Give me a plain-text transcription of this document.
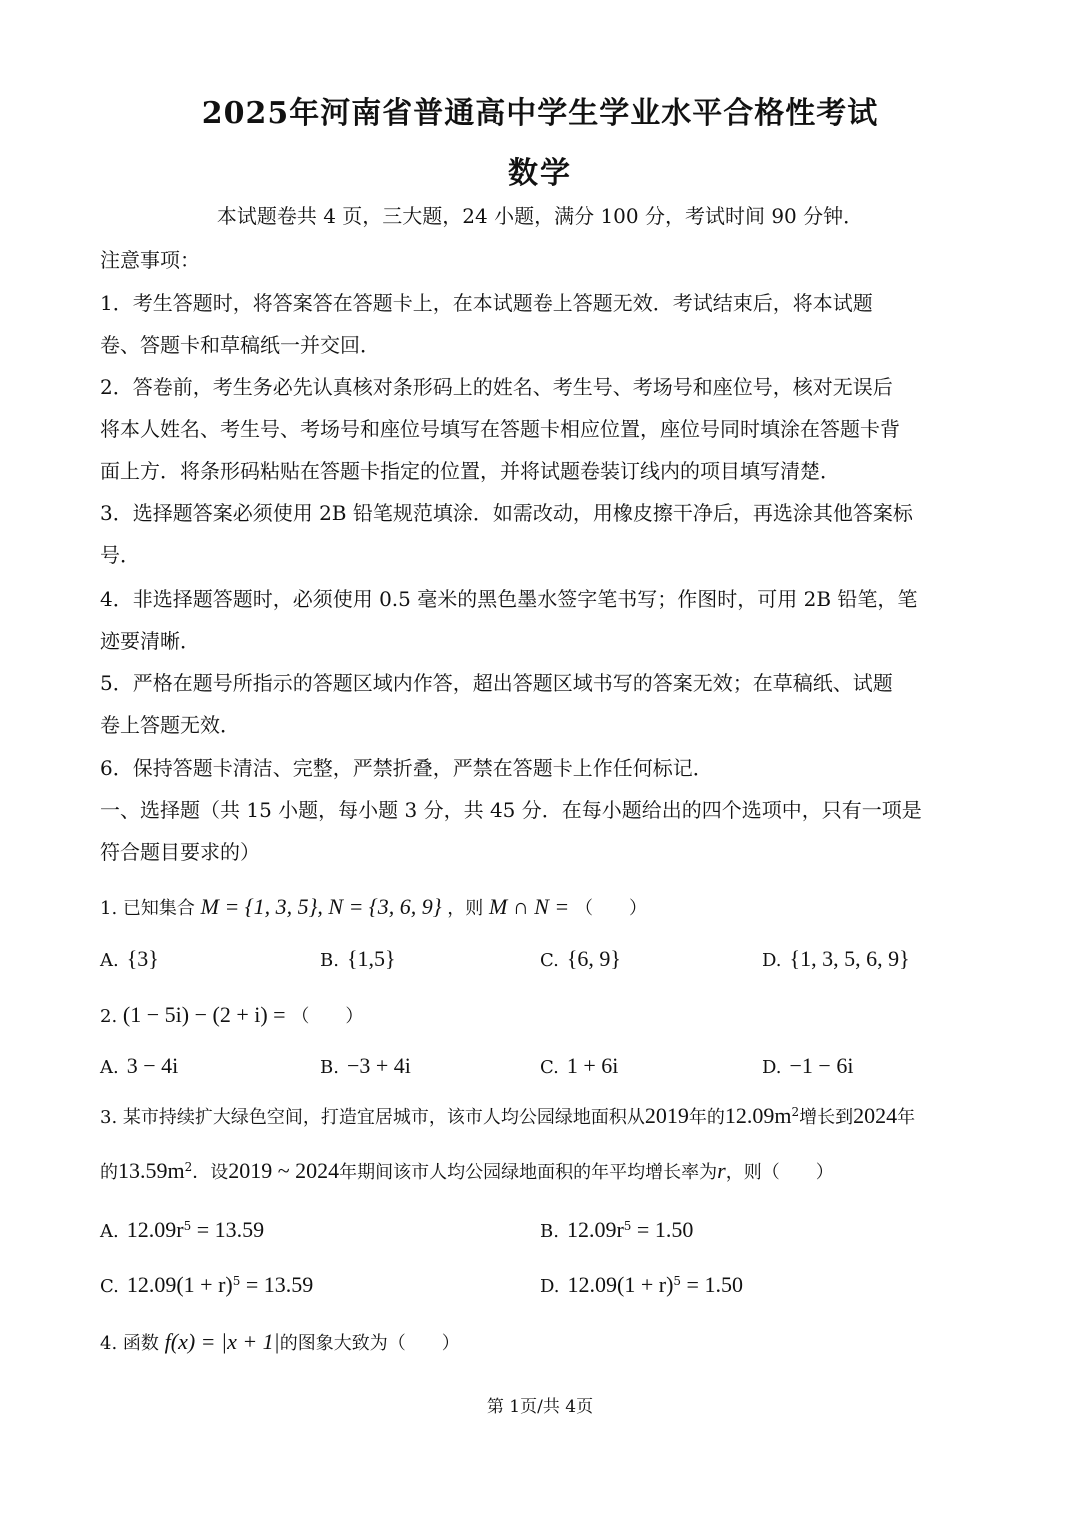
2025年河南省普通高中学生学业水平合格性考试
数学
本试题卷共 4 页，三大题，24 小题，满分 100 分，考试时间 90 分钟．
注意事项：
1．考生答题时，将答案答在答题卡上，在本试题卷上答题无效．考试结束后，将本试题
卷、答题卡和草稿纸一并交回．
2．答卷前，考生务必先认真核对条形码上的姓名、考生号、考场号和座位号，核对无误后
将本人姓名、考生号、考场号和座位号填写在答题卡相应位置，座位号同时填涂在答题卡背
面上方．将条形码粘贴在答题卡指定的位置，并将试题卷装订线内的项目填写清楚．
3．选择题答案必须使用 2B 铅笔规范填涂．如需改动，用橡皮擦干净后，再选涂其他答案标
号．
4．非选择题答题时，必须使用 0.5 毫米的黑色墨水签字笔书写；作图时，可用 2B 铅笔，笔
迹要清晰．
5．严格在题号所指示的答题区域内作答，超出答题区域书写的答案无效；在草稿纸、试题
卷上答题无效．
6．保持答题卡清洁、完整，严禁折叠，严禁在答题卡上作任何标记．
一、选择题（共 15 小题，每小题 3 分，共 45 分．在每小题给出的四个选项中，只有一项是
符合题目要求的）
1. 已知集合 M = {1, 3, 5}, N = {3, 6, 9} ，则 M ∩ N = （　　）
A. {3}	B. {1,5}	C. {6, 9}	D. {1, 3, 5, 6, 9}
2. (1 − 5i) − (2 + i) = （　　）
A. 3 − 4i	B. −3 + 4i	C. 1 + 6i	D. −1 − 6i
3. 某市持续扩大绿色空间，打造宜居城市，该市人均公园绿地面积从2019年的$12.09m^2$增长到2024年
的$13.59m^2$．设2019 ~ 2024年期间该市人均公园绿地面积的年平均增长率为r，则（　　）
A. $12.09r^5 = 13.59$	B. $12.09r^5 = 1.50$
C. $12.09(1 + r)^5 = 13.59$	D. $12.09(1 + r)^5 = 1.50$
4. 函数 f(x) = |x + 1|的图象大致为（　　）
第 1页/共 4页
